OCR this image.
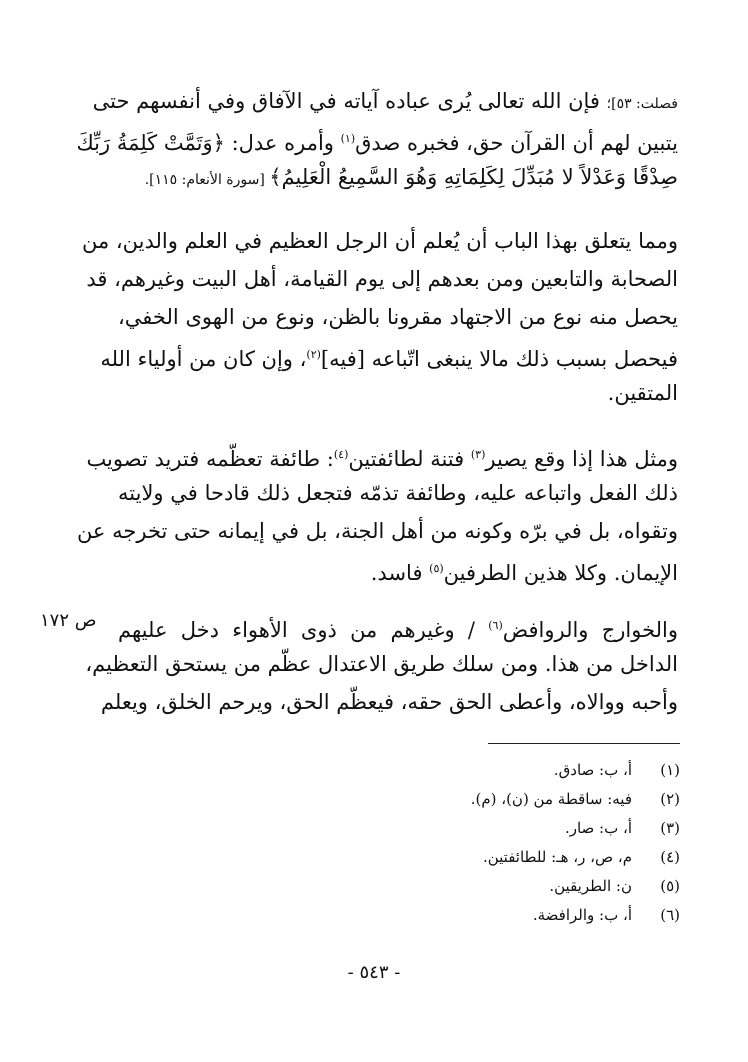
فصلت: ٥٣]؛ فإن الله تعالى يُرى عباده آياته في الآفاق وفي أنفسهم حتى
يتبين لهم أن القرآن حق، فخبره صدق$^{(١)}$ وأمره عدل: ﴿وَتَمَّتْ كَلِمَةُ رَبِّكَ
صِدْقًا وَعَدْلاً لا مُبَدِّلَ لِكَلِمَاتِهِ وَهُوَ السَّمِيعُ الْعَلِيمُ﴾ [سورة الأنعام: ١١٥].
ومما يتعلق بهذا الباب أن يُعلم أن الرجل العظيم في العلم والدين، من
الصحابة والتابعين ومن بعدهم إلى يوم القيامة، أهل البيت وغيرهم، قد
يحصل منه نوع من الاجتهاد مقرونا بالظن، ونوع من الهوى الخفي،
فيحصل بسبب ذلك مالا ينبغى اتّباعه [فيه]$^{(٢)}$، وإن كان من أولياء الله
المتقين.
ومثل هذا إذا وقع يصير$^{(٣)}$ فتنة لطائفتين$^{(٤)}$: طائفة تعظّمه فتريد تصويب
ذلك الفعل واتباعه عليه، وطائفة تذمّه فتجعل ذلك قادحا في ولايته
وتقواه، بل في برّه وكونه من أهل الجنة، بل في إيمانه حتى تخرجه عن
الإيمان. وكلا هذين الطرفين$^{(٥)}$ فاسد.
والخوارج والروافض$^{(٦)}$ / وغيرهم من ذوى الأهواء دخل عليهم
الداخل من هذا. ومن سلك طريق الاعتدال عظّم من يستحق التعظيم،
وأحبه ووالاه، وأعطى الحق حقه، فيعظّم الحق، ويرحم الخلق، ويعلم
ص ١٧٢
(١)
أ، ب: صادق.
(٢)
فيه: ساقطة من (ن)، (م).
(٣)
أ، ب: صار.
(٤)
م، ص، ر، هـ: للطائفتين.
(٥)
ن: الطريقين.
(٦)
أ، ب: والرافضة.
- ٥٤٣ -
